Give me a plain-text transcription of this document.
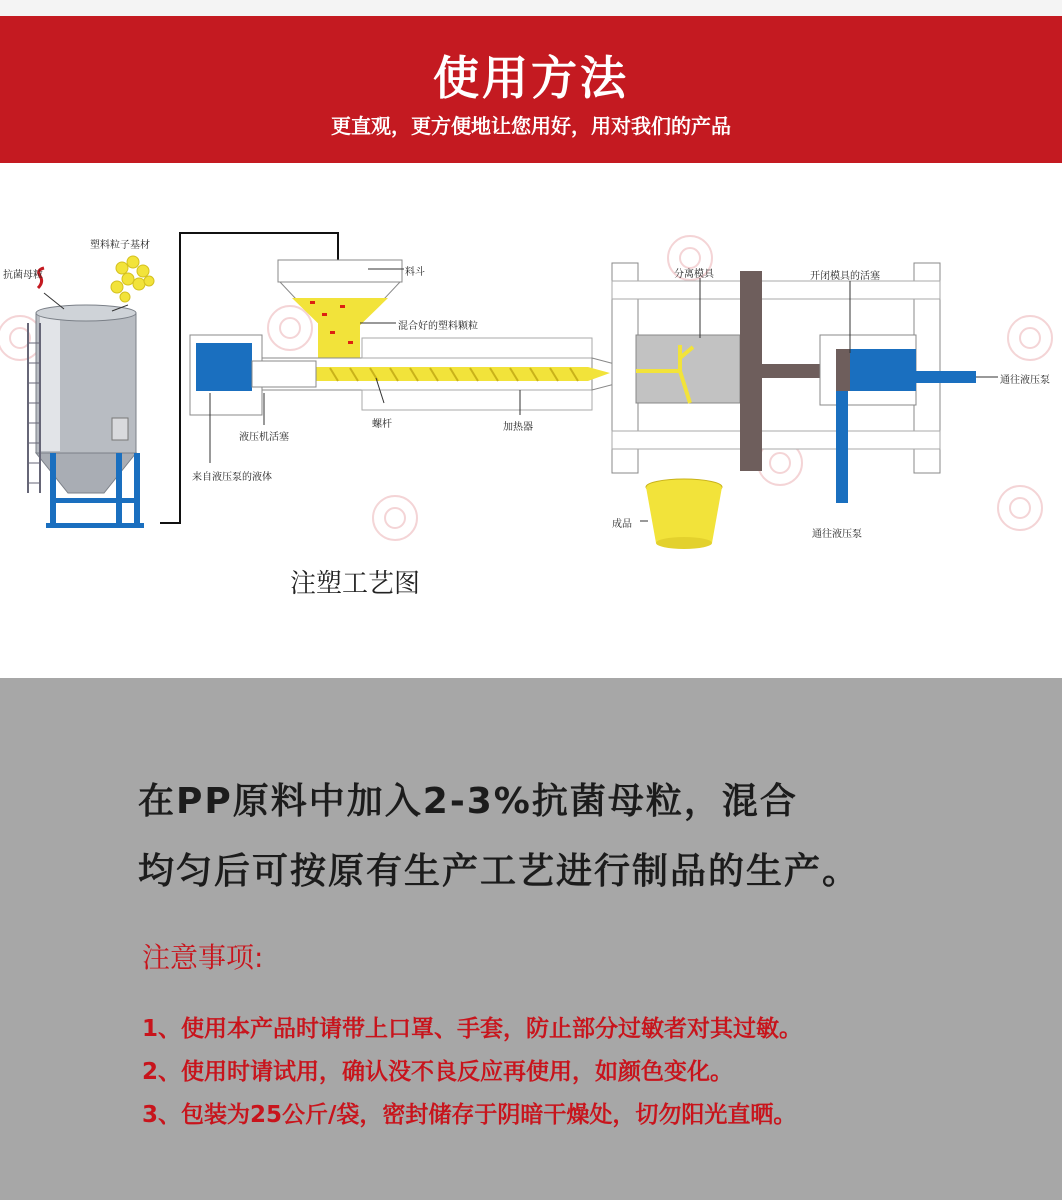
使用方法
更直观，更方便地让您用好，用对我们的产品
塑料粒子基材
抗菌母粒	料斗
混合好的塑料颗粒
液压机活塞
螺杆	加热器
来自液压泵的液体
分离模具	开闭模具的活塞
通往液压泵
通往液压泵
成品
注塑工艺图
在PP原料中加入2-3%抗菌母粒，混合
均匀后可按原有生产工艺进行制品的生产。
注意事项:
1、使用本产品时请带上口罩、手套，防止部分过敏者对其过敏。
2、使用时请试用，确认没不良反应再使用，如颜色变化。
3、包装为25公斤/袋，密封储存于阴暗干燥处，切勿阳光直晒。
